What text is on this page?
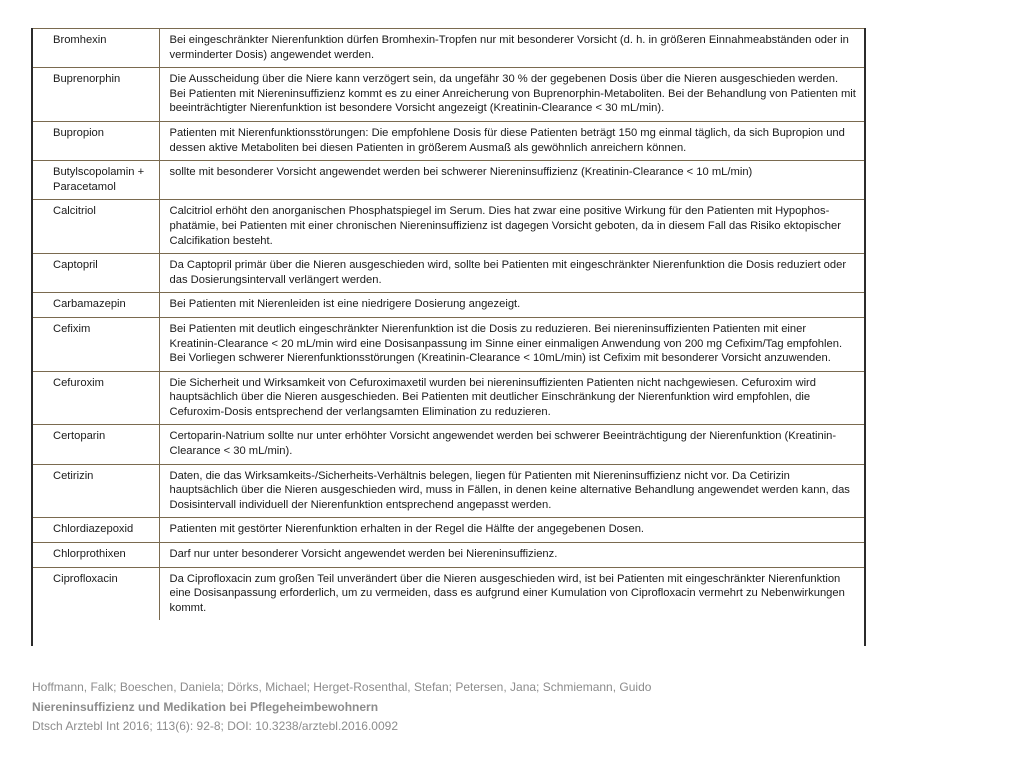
Bromhexin	Bei eingeschränkter Nierenfunktion dürfen Bromhexin-Tropfen nur mit besonderer Vorsicht (d. h. in größeren Einnahmeabständen oder in verminderter Dosis) angewendet werden.
Buprenorphin	Die Ausscheidung über die Niere kann verzögert sein, da ungefähr 30 % der gegebenen Dosis über die Nieren ausgeschieden werden. Bei Patienten mit Niereninsuffizienz kommt es zu einer Anreicherung von Buprenorphin-Metaboliten. Bei der Behandlung von Patienten mit beeinträchtigter Nierenfunktion ist besondere Vorsicht angezeigt (Kreatinin-Clearance < 30 mL/min).
Bupropion	Patienten mit Nierenfunktionsstörungen: Die empfohlene Dosis für diese Patienten beträgt 150 mg einmal täglich, da sich Bupropion und dessen aktive Metaboliten bei diesen Patienten in größerem Ausmaß als gewöhnlich anreichern können.
Butylscopolamin + Paracetamol	sollte mit besonderer Vorsicht angewendet werden bei schwerer Niereninsuffizienz (Kreatinin-Clearance < 10 mL/min)
Calcitriol	Calcitriol erhöht den anorganischen Phosphatspiegel im Serum. Dies hat zwar eine positive Wirkung für den Patienten mit Hypophosphatämie, bei Patienten mit einer chronischen Niereninsuffizienz ist dagegen Vorsicht geboten, da in diesem Fall das Risiko ektopischer Calcifikation besteht.
Captopril	Da Captopril primär über die Nieren ausgeschieden wird, sollte bei Patienten mit eingeschränkter Nierenfunktion die Dosis reduziert oder das Dosierungsintervall verlängert werden.
Carbamazepin	Bei Patienten mit Nierenleiden ist eine niedrigere Dosierung angezeigt.
Cefixim	Bei Patienten mit deutlich eingeschränkter Nierenfunktion ist die Dosis zu reduzieren. Bei niereninsuffizienten Patienten mit einer Kreatinin-Clearance < 20 mL/min wird eine Dosisanpassung im Sinne einer einmaligen Anwendung von 200 mg Cefixim/Tag empfohlen. Bei Vorliegen schwerer Nierenfunktionsstörungen (Kreatinin-Clearance < 10mL/min) ist Cefixim mit besonderer Vorsicht anzuwenden.
Cefuroxim	Die Sicherheit und Wirksamkeit von Cefuroximaxetil wurden bei niereninsuffizienten Patienten nicht nachgewiesen. Cefuroxim wird hauptsächlich über die Nieren ausgeschieden. Bei Patienten mit deutlicher Einschränkung der Nierenfunktion wird empfohlen, die Cefuroxim-Dosis entsprechend der verlangsamten Elimination zu reduzieren.
Certoparin	Certoparin-Natrium sollte nur unter erhöhter Vorsicht angewendet werden bei schwerer Beeinträchtigung der Nierenfunktion (Kreatinin-Clearance < 30 mL/min).
Cetirizin	Daten, die das Wirksamkeits-/Sicherheits-Verhältnis belegen, liegen für Patienten mit Niereninsuffizienz nicht vor. Da Cetirizin hauptsächlich über die Nieren ausgeschieden wird, muss in Fällen, in denen keine alternative Behandlung angewendet werden kann, das Dosisintervall individuell der Nierenfunktion entsprechend angepasst werden.
Chlordiazepoxid	Patienten mit gestörter Nierenfunktion erhalten in der Regel die Hälfte der angegebenen Dosen.
Chlorprothixen	Darf nur unter besonderer Vorsicht angewendet werden bei Niereninsuffizienz.
Ciprofloxacin	Da Ciprofloxacin zum großen Teil unverändert über die Nieren ausgeschieden wird, ist bei Patienten mit eingeschränkter Nierenfunktion eine Dosisanpassung erforderlich, um zu vermeiden, dass es aufgrund einer Kumulation von Ciprofloxacin vermehrt zu Nebenwirkungen kommt.
Hoffmann, Falk; Boeschen, Daniela; Dörks, Michael; Herget-Rosenthal, Stefan; Petersen, Jana; Schmiemann, Guido
Niereninsuffizienz und Medikation bei Pflegeheimbewohnern
Dtsch Arztebl Int 2016; 113(6): 92-8; DOI: 10.3238/arztebl.2016.0092
